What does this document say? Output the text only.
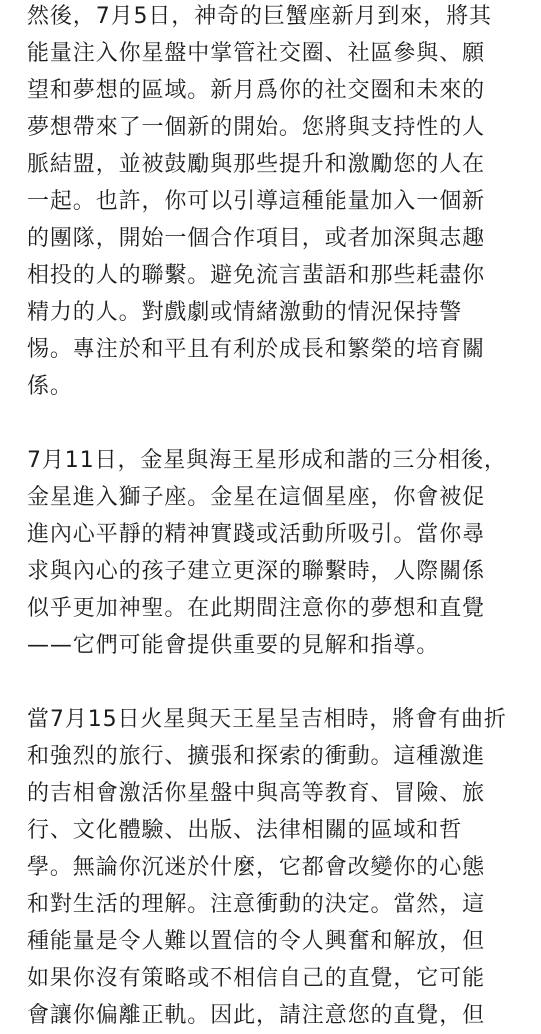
然後，7月5日，神奇的巨蟹座新月到來，將其
能量注入你星盤中掌管社交圈、社區參與、願
望和夢想的區域。新月爲你的社交圈和未來的
夢想帶來了一個新的開始。您將與支持性的人
脈結盟，並被鼓勵與那些提升和激勵您的人在
一起。也許，你可以引導這種能量加入一個新
的團隊，開始一個合作項目，或者加深與志趣
相投的人的聯繫。避免流言蜚語和那些耗盡你
精力的人。對戲劇或情緒激動的情況保持警
惕。專注於和平且有利於成長和繁榮的培育關
係。
7月11日，金星與海王星形成和諧的三分相後，
金星進入獅子座。金星在這個星座，你會被促
進內心平靜的精神實踐或活動所吸引。當你尋
求與內心的孩子建立更深的聯繫時，人際關係
似乎更加神聖。在此期間注意你的夢想和直覺
——它們可能會提供重要的見解和指導。
當7月15日火星與天王星呈吉相時，將會有曲折
和強烈的旅行、擴張和探索的衝動。這種激進
的吉相會激活你星盤中與高等教育、冒險、旅
行、文化體驗、出版、法律相關的區域和哲
學。無論你沉迷於什麼，它都會改變你的心態
和對生活的理解。注意衝動的決定。當然，這
種能量是令人難以置信的令人興奮和解放，但
如果你沒有策略或不相信自己的直覺，它可能
會讓你偏離正軌。因此，請注意您的直覺，但
